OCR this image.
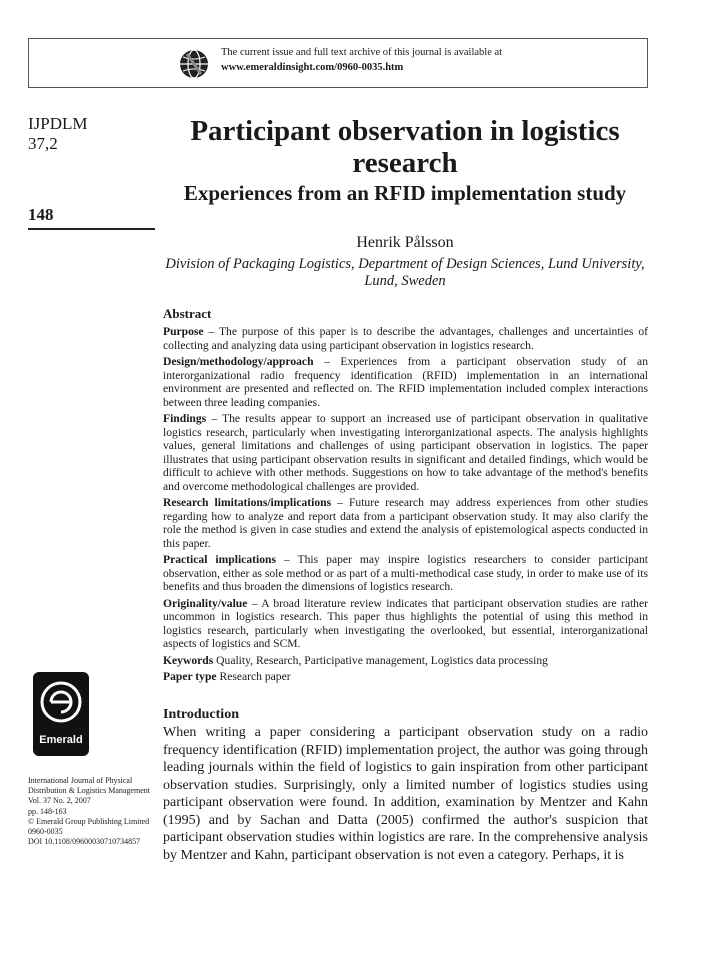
The current issue and full text archive of this journal is available at
www.emeraldinsight.com/0960-0035.htm
IJPDLM
37,2
148
Participant observation in logistics research
Experiences from an RFID implementation study
Henrik Pålsson
Division of Packaging Logistics, Department of Design Sciences, Lund University, Lund, Sweden
Abstract

Purpose – The purpose of this paper is to describe the advantages, challenges and uncertainties of collecting and analyzing data using participant observation in logistics research.

Design/methodology/approach – Experiences from a participant observation study of an interorganizational radio frequency identification (RFID) implementation in an international environment are presented and reflected on. The RFID implementation included complex interactions between three leading companies.

Findings – The results appear to support an increased use of participant observation in qualitative logistics research, particularly when investigating interorganizational aspects. The analysis highlights values, general limitations and challenges of using participant observation in logistics. The paper illustrates that using participant observation results in significant and detailed findings, which would be difficult to achieve with other methods. Suggestions on how to take advantage of the method's benefits and overcome methodological challenges are provided.

Research limitations/implications – Future research may address experiences from other studies regarding how to analyze and report data from a participant observation study. It may also clarify the role the method is given in case studies and extend the analysis of epistemological aspects conducted in this paper.

Practical implications – This paper may inspire logistics researchers to consider participant observation, either as sole method or as part of a multi-methodical case study, in order to make use of its benefits and thus broaden the dimensions of logistics research.

Originality/value – A broad literature review indicates that participant observation studies are rather uncommon in logistics research. This paper thus highlights the potential of using this method in logistics research, particularly when investigating the overlooked, but essential, interorganizational aspects of logistics and SCM.

Keywords Quality, Research, Participative management, Logistics data processing

Paper type Research paper

Emerald
International Journal of Physical Distribution & Logistics Management
Vol. 37 No. 2, 2007
pp. 148-163
© Emerald Group Publishing Limited
0960-0035
DOI 10.1108/09600030710734857
Introduction

When writing a paper considering a participant observation study on a radio frequency identification (RFID) implementation project, the author was going through leading journals within the field of logistics to gain inspiration from other participant observation studies. Surprisingly, only a limited number of logistics studies using participant observation were found. In addition, examination by Mentzer and Kahn (1995) and by Sachan and Datta (2005) confirmed the author's suspicion that participant observation studies within logistics are rare. In the comprehensive analysis by Mentzer and Kahn, participant observation is not even a category. Perhaps, it is
